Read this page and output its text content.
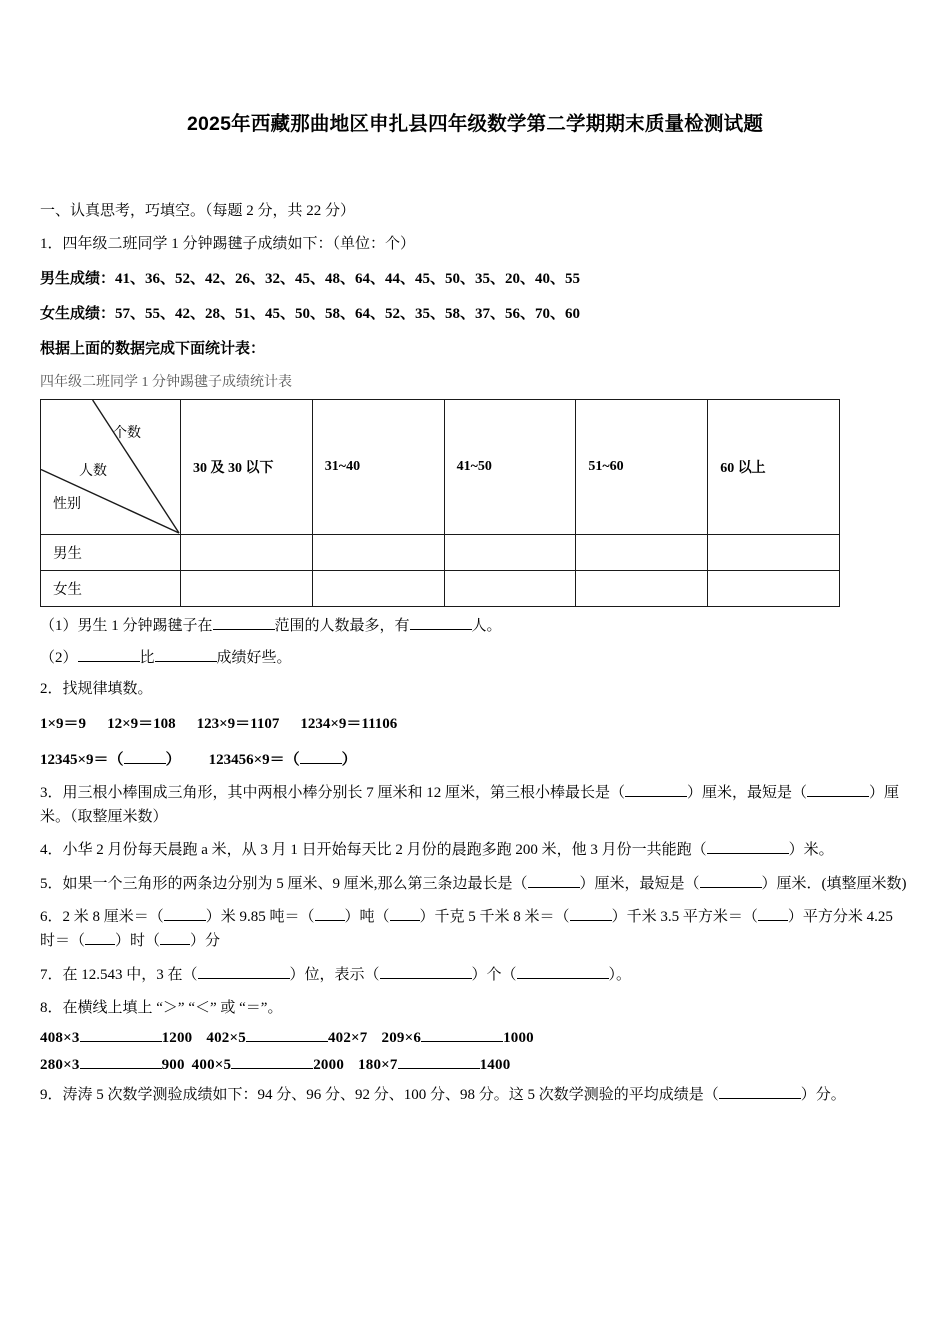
2025年西藏那曲地区申扎县四年级数学第二学期期末质量检测试题

一、认真思考，巧填空。（每题 2 分，共 22 分）

1．四年级二班同学 1 分钟踢毽子成绩如下：（单位：个）

男生成绩：41、36、52、42、26、32、45、48、64、44、45、50、35、20、40、55

女生成绩：57、55、42、28、51、45、50、58、64、52、35、58、37、56、70、60

根据上面的数据完成下面统计表：

四年级二班同学 1 分钟踢毽子成绩统计表

个数
人数
性别	30 及 30 以下	31~40	41~50	51~60	60 以上
男生					
女生					

（1）男生 1 分钟踢毽子在	范围的人数最多，有	人。

（2）	比	成绩好些。

2．找规律填数。

1×9＝9 12×9＝108 123×9＝1107 1234×9＝11106

12345×9＝（	） 123456×9＝（	）

3．用三根小棒围成三角形，其中两根小棒分别长 7 厘米和 12 厘米，第三根小棒最长是（	）厘米，最短是（	）厘米。（取整厘米数）

4．小华 2 月份每天晨跑 a 米，从 3 月 1 日开始每天比 2 月份的晨跑多跑 200 米，他 3 月份一共能跑（	）米。

5．如果一个三角形的两条边分别为 5 厘米、9 厘米,那么第三条边最长是（	）厘米，最短是（	）厘米．(填整厘米数)

6．2 米 8 厘米＝（	）米 9.85 吨＝（ ）吨（ ）千克 5 千米 8 米＝（	）千米 3.5 平方米＝（ ）平方分米 4.25 时＝（ ）时（ ）分

7．在 12.543 中，3 在（	）位，表示（	）个（	）。

8．在横线上填上 “＞” “＜” 或 “＝”。

408×3	1200 402×5	402×7 209×6	1000

280×3	900 400×5	2000 180×7	1400

9．涛涛 5 次数学测验成绩如下：94 分、96 分、92 分、100 分、98 分。这 5 次数学测验的平均成绩是（	）分。
